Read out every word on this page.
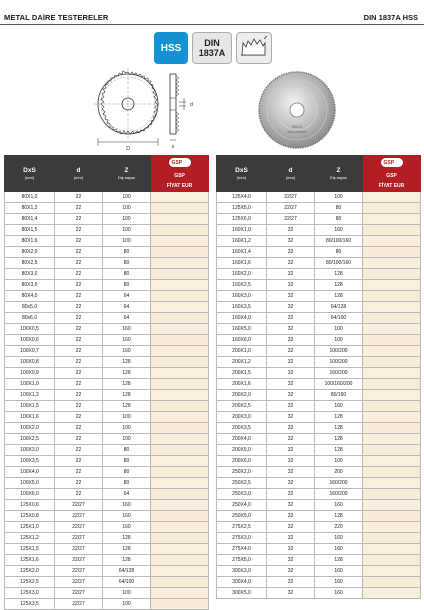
METAL DAİRE TESTERELER	DIN 1837A HSS
HSS	DIN
1837A
D
d
s
80X1,0
HSS DIN1837
DxS
(mm)	d
(mm)	Z
Diş sayısı	GSP

			GSP
			FİYAT EUR
80X1,0	22	100	
80X1,2	22	100	
80X1,4	22	100	
80X1,5	22	100	
80X1,6	22	100	
80X2,0	22	80	
80X2,5	22	80	
80X3,0	22	80	
80X3,5	22	80	
80X4,0	22	64	
80x5,0	22	64	
80x6,0	22	64	
100X0,5	22	160	
100X0,6	22	160	
100X0,7	22	160	
100X0,8	22	128	
100X0,9	22	128	
100X1,0	22	128	
100X1,2	22	128	
100X1,5	22	128	
100X1,6	22	100	
100X2,0	22	100	
100X2,5	22	100	
100X3,0	22	80	
100X3,5	22	80	
100X4,0	22	80	
100X5,0	22	80	
100X6,0	22	64	
125X0,6	22/27	160	
125X0,8	22/27	160	
125X1,0	22/27	160	
125X1,2	22/27	128	
125X1,5	22/27	128	
125X1,6	22/27	128	
125X2,0	22/27	64/128	
125X2,5	22/27	64/100	
125X3,0	22/27	100	
125X3,5	22/27	100	
DxS
(mm)	d
(mm)	Z
Diş sayısı	GSP

			GSP
			FİYAT EUR
125X4,0	22/27	100	
125X5,0	22/27	80	
125X6,0	22/27	80	
160X1,0	32	160	
160X1,2	32	80/100/160	
160X1,4	32	80	
160X1,6	32	80/100/160	
160X2,0	32	128	
160X2,5	32	128	
160X3,0	32	128	
160X3,5	32	64/128	
160X4,0	32	64/100	
160X5,0	32	100	
160X6,0	32	100	
200X1,0	32	100/200	
200X1,2	32	100/200	
200X1,5	32	160/200	
200X1,6	32	100/160/200	
200X2,0	32	80/160	
200X2,5	32	160	
200X3,0	32	128	
200X3,5	32	128	
200X4,0	32	128	
200X5,0	32	128	
200X6,0	32	100	
250X2,0	32	200	
250X2,5	32	160/200	
250X3,0	32	160/200	
250X4,0	32	160	
250X5,0	32	128	
275X2,5	32	220	
275X3,0	32	160	
275X4,0	32	160	
275X5,0	32	128	
300X3,0	32	160	
300X4,0	32	160	
300X5,0	32	160	
